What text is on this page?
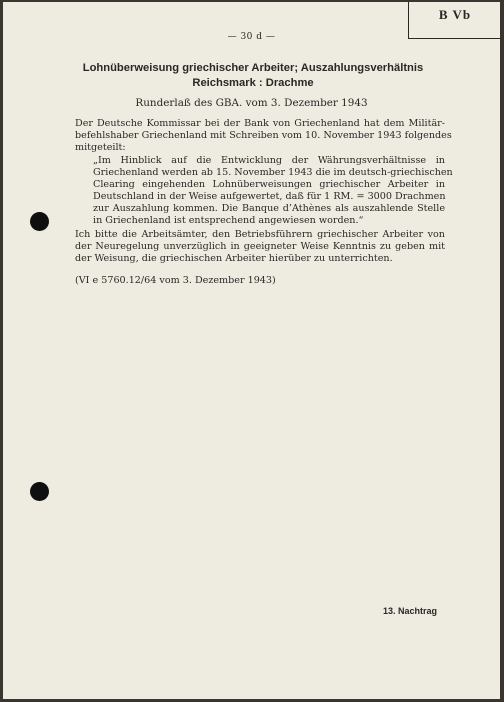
B Vb
— 30 d —
Lohnüberweisung griechischer Arbeiter; Auszahlungsverhältnis
Reichsmark : Drachme
Runderlaß des GBA. vom 3. Dezember 1943
Der Deutsche Kommissar bei der Bank von Griechenland hat dem Militär-
befehlshaber Griechenland mit Schreiben vom 10. November 1943 folgendes
mitgeteilt:
„Im Hinblick auf die Entwicklung der Währungsverhältnisse in
Griechenland werden ab 15. November 1943 die im deutsch-griechischen
Clearing eingehenden Lohnüberweisungen griechischer Arbeiter in
Deutschland in der Weise aufgewertet, daß für 1 RM. = 3000 Drachmen
zur Auszahlung kommen. Die Banque d’Athènes als auszahlende Stelle
in Griechenland ist entsprechend angewiesen worden.“
Ich bitte die Arbeitsämter, den Betriebsführern griechischer Arbeiter von
der Neuregelung unverzüglich in geeigneter Weise Kenntnis zu geben mit
der Weisung, die griechischen Arbeiter hierüber zu unterrichten.
(VI e 5760.12/64 vom 3. Dezember 1943)
13. Nachtrag
